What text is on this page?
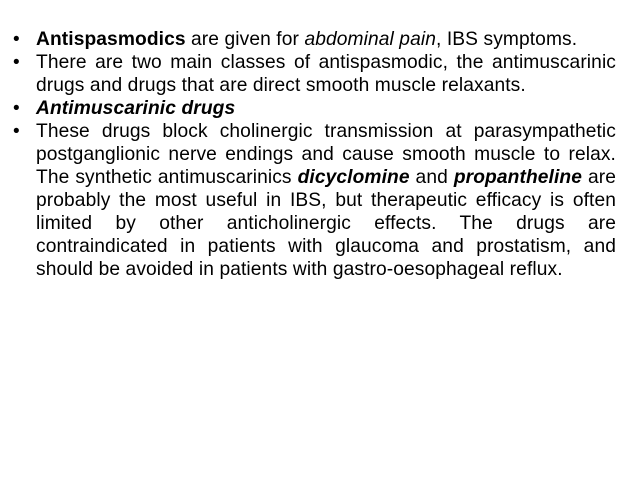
• Antispasmodics are given for abdominal pain, IBS symptoms.
• There are two main classes of antispasmodic, the antimuscarinic drugs and drugs that are direct smooth muscle relaxants.
• Antimuscarinic drugs
• These drugs block cholinergic transmission at parasympathetic postganglionic nerve endings and cause smooth muscle to relax. The synthetic antimuscarinics dicyclomine and propantheline are probably the most useful in IBS, but therapeutic efficacy is often limited by other anticholinergic effects. The drugs are contraindicated in patients with glaucoma and prostatism, and should be avoided in patients with gastro-oesophageal reflux.
